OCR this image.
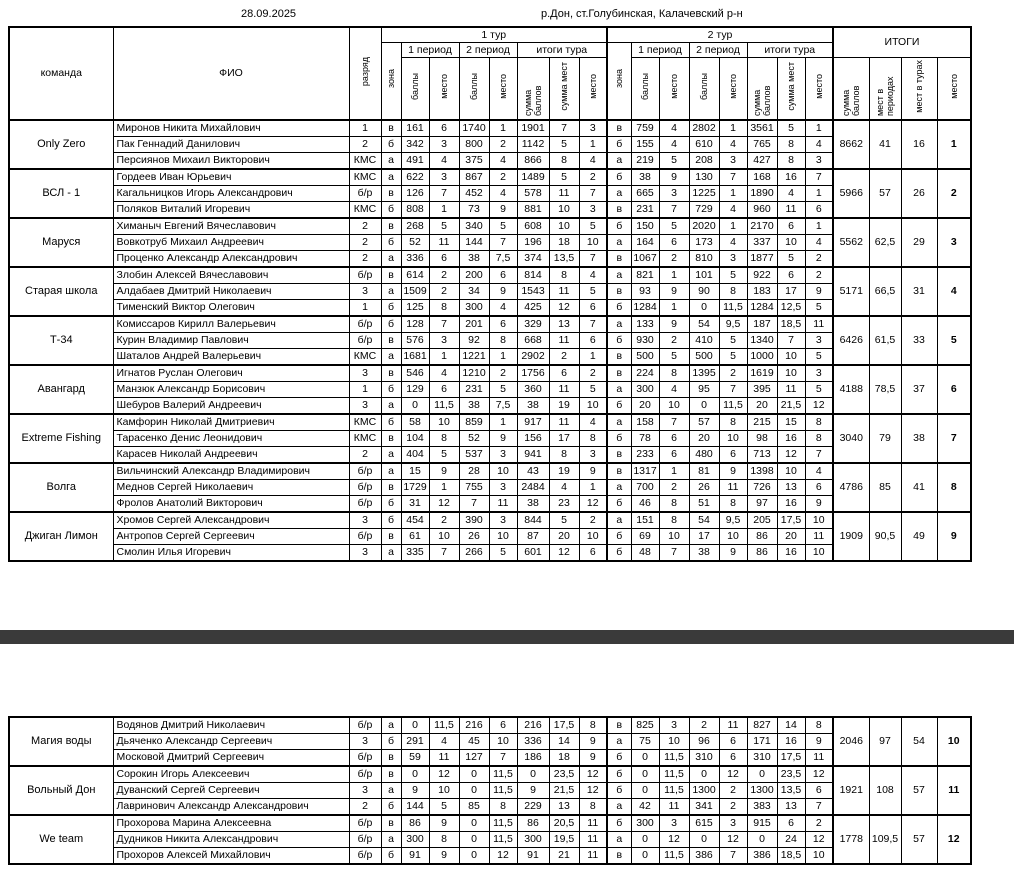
28.09.2025	р.Дон, ст.Голубинская, Калачевский р-н
команда	ФИО	разряд	1 тур								2 тур								ИТОГИ			
			зона	1 период		2 период		итоги тура			зона	1 период		2 период		итоги тура						
				баллы	место	баллы	место	сумма баллов	сумма мест	место		баллы	место	баллы	место	сумма баллов	сумма мест	место	сумма баллов	мест в периодах	мест в турах	место
Only Zero	Миронов Никита Михайлович	1	в	161	6	1740	1	1901	7	3	в	759	4	2802	1	3561	5	1	8662	41	16	1
	Пак Геннадий Данилович	2	б	342	3	800	2	1142	5	1	б	155	4	610	4	765	8	4				
	Персиянов Михаил Викторович	КМС	а	491	4	375	4	866	8	4	а	219	5	208	3	427	8	3				
ВСЛ - 1	Гордеев Иван Юрьевич	КМС	а	622	3	867	2	1489	5	2	б	38	9	130	7	168	16	7	5966	57	26	2
	Кагальницков Игорь Александрович	б/р	в	126	7	452	4	578	11	7	а	665	3	1225	1	1890	4	1				
	Поляков Виталий Игоревич	КМС	б	808	1	73	9	881	10	3	в	231	7	729	4	960	11	6				
Маруся	Химаныч Евгений Вячеславович	2	в	268	5	340	5	608	10	5	б	150	5	2020	1	2170	6	1	5562	62,5	29	3
	Вовкотруб Михаил Андреевич	2	б	52	11	144	7	196	18	10	а	164	6	173	4	337	10	4				
	Проценко Александр Александрович	2	а	336	6	38	7,5	374	13,5	7	в	1067	2	810	3	1877	5	2				
Старая школа	Злобин Алексей Вячеславович	б/р	в	614	2	200	6	814	8	4	а	821	1	101	5	922	6	2	5171	66,5	31	4
	Алдабаев Дмитрий Николаевич	3	а	1509	2	34	9	1543	11	5	в	93	9	90	8	183	17	9				
	Тименский Виктор Олегович	1	б	125	8	300	4	425	12	6	б	1284	1	0	11,5	1284	12,5	5				
Т-34	Комиссаров Кирилл Валерьевич	б/р	б	128	7	201	6	329	13	7	а	133	9	54	9,5	187	18,5	11	6426	61,5	33	5
	Курин Владимир Павлович	б/р	в	576	3	92	8	668	11	6	б	930	2	410	5	1340	7	3				
	Шаталов Андрей Валерьевич	КМС	а	1681	1	1221	1	2902	2	1	в	500	5	500	5	1000	10	5				
Авангард	Игнатов Руслан Олегович	3	в	546	4	1210	2	1756	6	2	в	224	8	1395	2	1619	10	3	4188	78,5	37	6
	Манзюк Александр Борисович	1	б	129	6	231	5	360	11	5	а	300	4	95	7	395	11	5				
	Шебуров Валерий Андреевич	3	а	0	11,5	38	7,5	38	19	10	б	20	10	0	11,5	20	21,5	12				
Extreme Fishing	Камфорин Николай Дмитриевич	КМС	б	58	10	859	1	917	11	4	а	158	7	57	8	215	15	8	3040	79	38	7
	Тарасенко Денис Леонидович	КМС	в	104	8	52	9	156	17	8	б	78	6	20	10	98	16	8				
	Карасев Николай Андреевич	2	а	404	5	537	3	941	8	3	в	233	6	480	6	713	12	7				
Волга	Вильчинский Александр Владимирович	б/р	а	15	9	28	10	43	19	9	в	1317	1	81	9	1398	10	4	4786	85	41	8
	Меднов Сергей Николаевич	б/р	в	1729	1	755	3	2484	4	1	а	700	2	26	11	726	13	6				
	Фролов Анатолий Викторович	б/р	б	31	12	7	11	38	23	12	б	46	8	51	8	97	16	9				
Джиган Лимон	Хромов Сергей Александрович	3	б	454	2	390	3	844	5	2	а	151	8	54	9,5	205	17,5	10	1909	90,5	49	9
	Антропов Сергей Сергеевич	б/р	в	61	10	26	10	87	20	10	б	69	10	17	10	86	20	11				
	Смолин Илья Игоревич	3	а	335	7	266	5	601	12	6	б	48	7	38	9	86	16	10				
Магия воды	Водянов Дмитрий Николаевич	б/р	а	0	11,5	216	6	216	17,5	8	в	825	3	2	11	827	14	8	2046	97	54	10
	Дьяченко Александр Сергеевич	3	б	291	4	45	10	336	14	9	а	75	10	96	6	171	16	9				
	Московой Дмитрий Сергеевич	б/р	в	59	11	127	7	186	18	9	б	0	11,5	310	6	310	17,5	11				
Вольный Дон	Сорокин Игорь Алексеевич	б/р	в	0	12	0	11,5	0	23,5	12	б	0	11,5	0	12	0	23,5	12	1921	108	57	11
	Дуванский Сергей Сергеевич	3	а	9	10	0	11,5	9	21,5	12	б	0	11,5	1300	2	1300	13,5	6				
	Лавринович Александр Александрович	2	б	144	5	85	8	229	13	8	а	42	11	341	2	383	13	7				
We team	Прохорова Марина Алексеевна	б/р	в	86	9	0	11,5	86	20,5	11	б	300	3	615	3	915	6	2	1778	109,5	57	12
	Дудников Никита Александрович	б/р	а	300	8	0	11,5	300	19,5	11	а	0	12	0	12	0	24	12				
	Прохоров Алексей Михайлович	б/р	б	91	9	0	12	91	21	11	в	0	11,5	386	7	386	18,5	10				
